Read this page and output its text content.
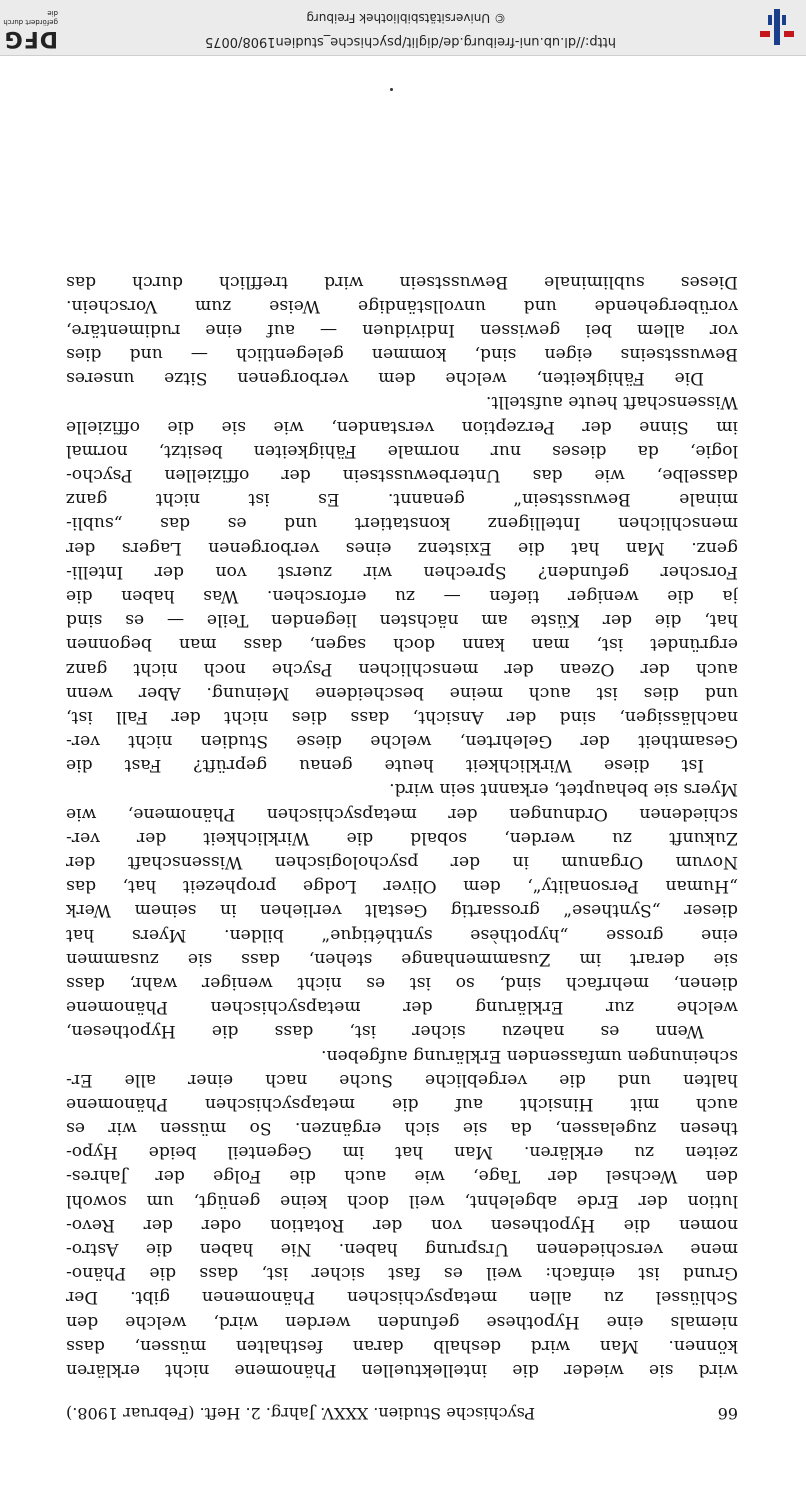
66
Psychische Studien. XXXV. Jahrg. 2. Heft. (Februar 1908.)
wird sie wieder die intellektuellen Phänomene nicht erklären
können. Man wird deshalb daran festhalten müssen, dass
niemals eine Hypothese gefunden werden wird, welche den
Schlüssel zu allen metapsychischen Phänomenen gibt. Der
Grund ist einfach: weil es fast sicher ist, dass die Phäno-
mene verschiedenen Ursprung haben. Nie haben die Astro-
nomen die Hypothesen von der Rotation oder der Revo-
lution der Erde abgelehnt, weil doch keine genügt, um sowohl
den Wechsel der Tage, wie auch die Folge der Jahres-
zeiten zu erklären. Man hat im Gegenteil beide Hypo-
thesen zugelassen, da sie sich ergänzen. So müssen wir es
auch mit Hinsicht auf die metapsychischen Phänomene
halten und die vergebliche Suche nach einer alle Er-
scheinungen umfassenden Erklärung aufgeben.
Wenn es nahezu sicher ist, dass die Hypothesen,
welche zur Erklärung der metapsychischen Phänomene
dienen, mehrfach sind, so ist es nicht weniger wahr, dass
sie derart im Zusammenhange stehen, dass sie zusammen
eine grosse „hypothèse synthétique“ bilden. Myers hat
dieser „Synthese“ grossartig Gestalt verliehen in seinem Werk
„Human Personality“, dem Oliver Lodge prophezeit hat, das
Novum Organum in der psychologischen Wissenschaft der
Zukunft zu werden, sobald die Wirklichkeit der ver-
schiedenen Ordnungen der metapsychischen Phänomene, wie
Myers sie behauptet, erkannt sein wird.
Ist diese Wirklichkeit heute genau geprüft? Fast die
Gesamtheit der Gelehrten, welche diese Studien nicht ver-
nachlässigen, sind der Ansicht, dass dies nicht der Fall ist,
und dies ist auch meine bescheidene Meinung. Aber wenn
auch der Ozean der menschlichen Psyche noch nicht ganz
ergründet ist, man kann doch sagen, dass man begonnen
hat, die der Küste am nächsten liegenden Teile — es sind
ja die weniger tiefen — zu erforschen. Was haben die
Forscher gefunden? Sprechen wir zuerst von der Intelli-
genz. Man hat die Existenz eines verborgenen Lagers der
menschlichen Intelligenz konstatiert und es das „subli-
minale Bewusstsein“ genannt. Es ist nicht ganz
dasselbe, wie das Unterbewusstsein der offiziellen Psycho-
logie, da dieses nur normale Fähigkeiten besitzt, normal
im Sinne der Perzeption verstanden, wie sie die offizielle
Wissenschaft heute aufstellt.
Die Fähigkeiten, welche dem verborgenen Sitze unseres
Bewusstseins eigen sind, kommen gelegentlich — und dies
vor allem bei gewissen Individuen — auf eine rudimentäre,
vorübergehende und unvollständige Weise zum Vorschein.
Dieses subliminale Bewusstsein wird trefflich durch das
http://dl.ub.uni-freiburg.de/diglit/psychische_studien1908/0075
© Universitätsbibliothek Freiburg
DFG
gefördert durch die
